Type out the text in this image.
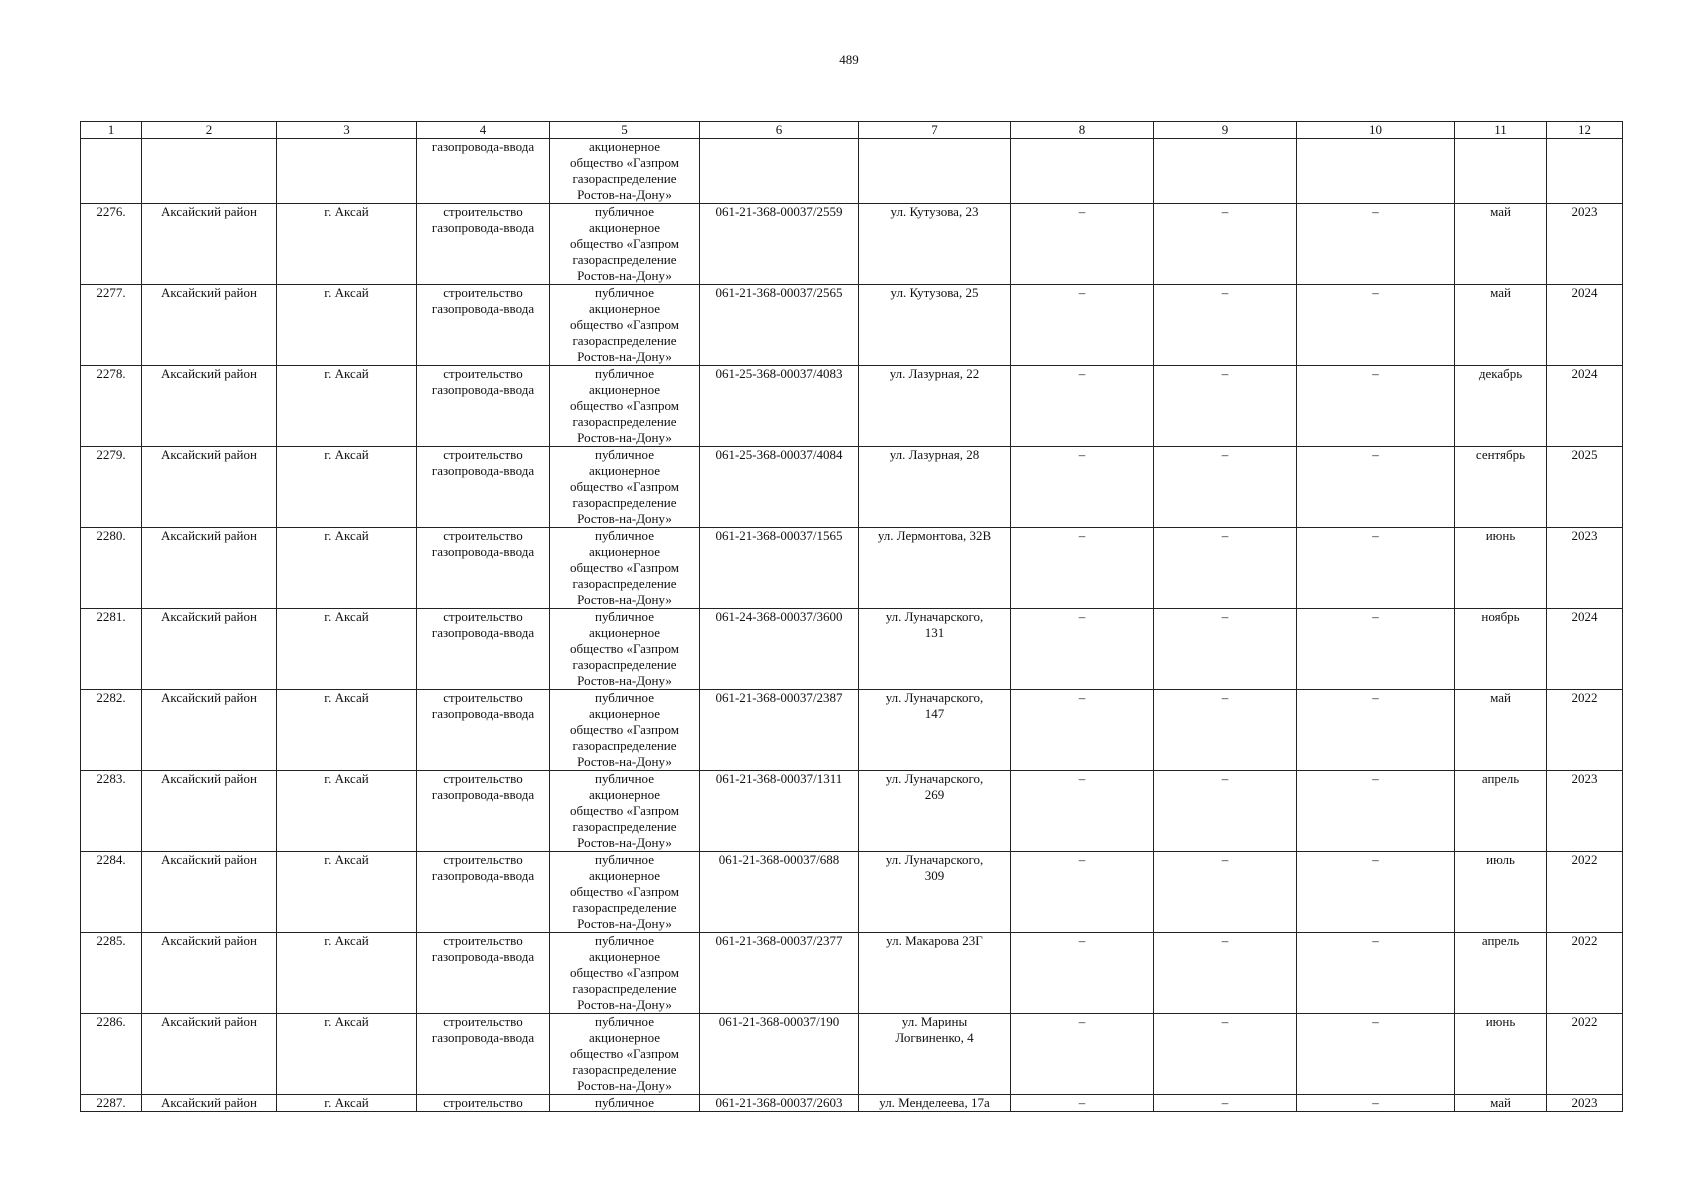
489
1	2	3	4	5	6	7	8	9	10	11	12
			газопровода-ввода	акционерное
общество «Газпром
газораспределение
Ростов-на-Дону»							
2276.	Аксайский район	г. Аксай	строительство
газопровода-ввода	публичное
акционерное
общество «Газпром
газораспределение
Ростов-на-Дону»	061-21-368-00037/2559	ул. Кутузова, 23	–	–	–	май	2023
2277.	Аксайский район	г. Аксай	строительство
газопровода-ввода	публичное
акционерное
общество «Газпром
газораспределение
Ростов-на-Дону»	061-21-368-00037/2565	ул. Кутузова, 25	–	–	–	май	2024
2278.	Аксайский район	г. Аксай	строительство
газопровода-ввода	публичное
акционерное
общество «Газпром
газораспределение
Ростов-на-Дону»	061-25-368-00037/4083	ул. Лазурная, 22	–	–	–	декабрь	2024
2279.	Аксайский район	г. Аксай	строительство
газопровода-ввода	публичное
акционерное
общество «Газпром
газораспределение
Ростов-на-Дону»	061-25-368-00037/4084	ул. Лазурная, 28	–	–	–	сентябрь	2025
2280.	Аксайский район	г. Аксай	строительство
газопровода-ввода	публичное
акционерное
общество «Газпром
газораспределение
Ростов-на-Дону»	061-21-368-00037/1565	ул. Лермонтова, 32В	–	–	–	июнь	2023
2281.	Аксайский район	г. Аксай	строительство
газопровода-ввода	публичное
акционерное
общество «Газпром
газораспределение
Ростов-на-Дону»	061-24-368-00037/3600	ул. Луначарского,
131	–	–	–	ноябрь	2024
2282.	Аксайский район	г. Аксай	строительство
газопровода-ввода	публичное
акционерное
общество «Газпром
газораспределение
Ростов-на-Дону»	061-21-368-00037/2387	ул. Луначарского,
147	–	–	–	май	2022
2283.	Аксайский район	г. Аксай	строительство
газопровода-ввода	публичное
акционерное
общество «Газпром
газораспределение
Ростов-на-Дону»	061-21-368-00037/1311	ул. Луначарского,
269	–	–	–	апрель	2023
2284.	Аксайский район	г. Аксай	строительство
газопровода-ввода	публичное
акционерное
общество «Газпром
газораспределение
Ростов-на-Дону»	061-21-368-00037/688	ул. Луначарского,
309	–	–	–	июль	2022
2285.	Аксайский район	г. Аксай	строительство
газопровода-ввода	публичное
акционерное
общество «Газпром
газораспределение
Ростов-на-Дону»	061-21-368-00037/2377	ул. Макарова 23Г	–	–	–	апрель	2022
2286.	Аксайский район	г. Аксай	строительство
газопровода-ввода	публичное
акционерное
общество «Газпром
газораспределение
Ростов-на-Дону»	061-21-368-00037/190	ул. Марины
Логвиненко, 4	–	–	–	июнь	2022
2287.	Аксайский район	г. Аксай	строительство	публичное	061-21-368-00037/2603	ул. Менделеева, 17а	–	–	–	май	2023
